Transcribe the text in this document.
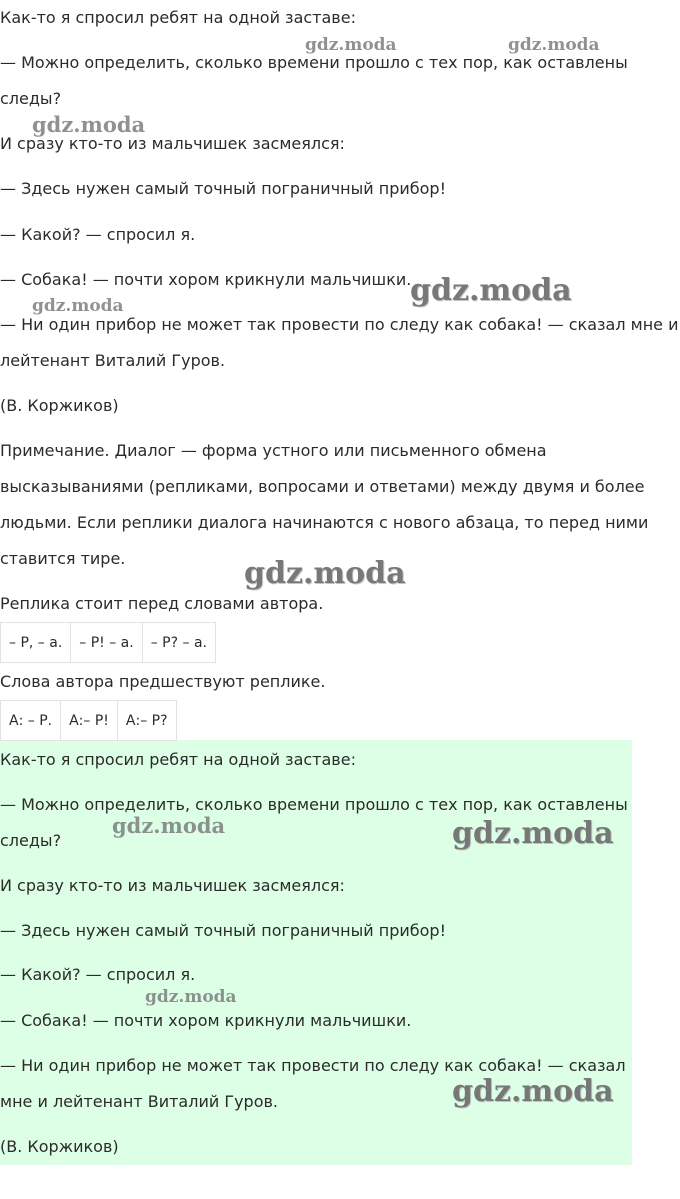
Как-то я спросил ребят на одной заставе:

— Можно определить, сколько времени прошло с тех пор, как оставлены

следы?

И сразу кто-то из мальчишек засмеялся:

— Здесь нужен самый точный пограничный прибор!

— Какой? — спросил я.

— Собака! — почти хором крикнули мальчишки.

— Ни один прибор не может так провести по следу как собака! — сказал мне и

лейтенант Виталий Гуров.

(В. Коржиков)

Примечание. Диалог — форма устного или письменного обмена

высказываниями (репликами, вопросами и ответами) между двумя и более

людьми. Если реплики диалога начинаются с нового абзаца, то перед ними

ставится тире.

Реплика стоит перед словами автора.

– Р, – а.	– Р! – а.	– Р? – а.

Слова автора предшествуют реплике.

А: – Р.	А:– Р!	А:– Р?

Как-то я спросил ребят на одной заставе:

— Можно определить, сколько времени прошло с тех пор, как оставлены

следы?

И сразу кто-то из мальчишек засмеялся:

— Здесь нужен самый точный пограничный прибор!

— Какой? — спросил я.

— Собака! — почти хором крикнули мальчишки.

— Ни один прибор не может так провести по следу как собака! — сказал

мне и лейтенант Виталий Гуров.

(В. Коржиков)

gdz.moda	gdz.moda
gdz.moda
gdz.moda
gdz.moda
gdz.moda
gdz.moda	gdz.moda
gdz.moda
gdz.moda
